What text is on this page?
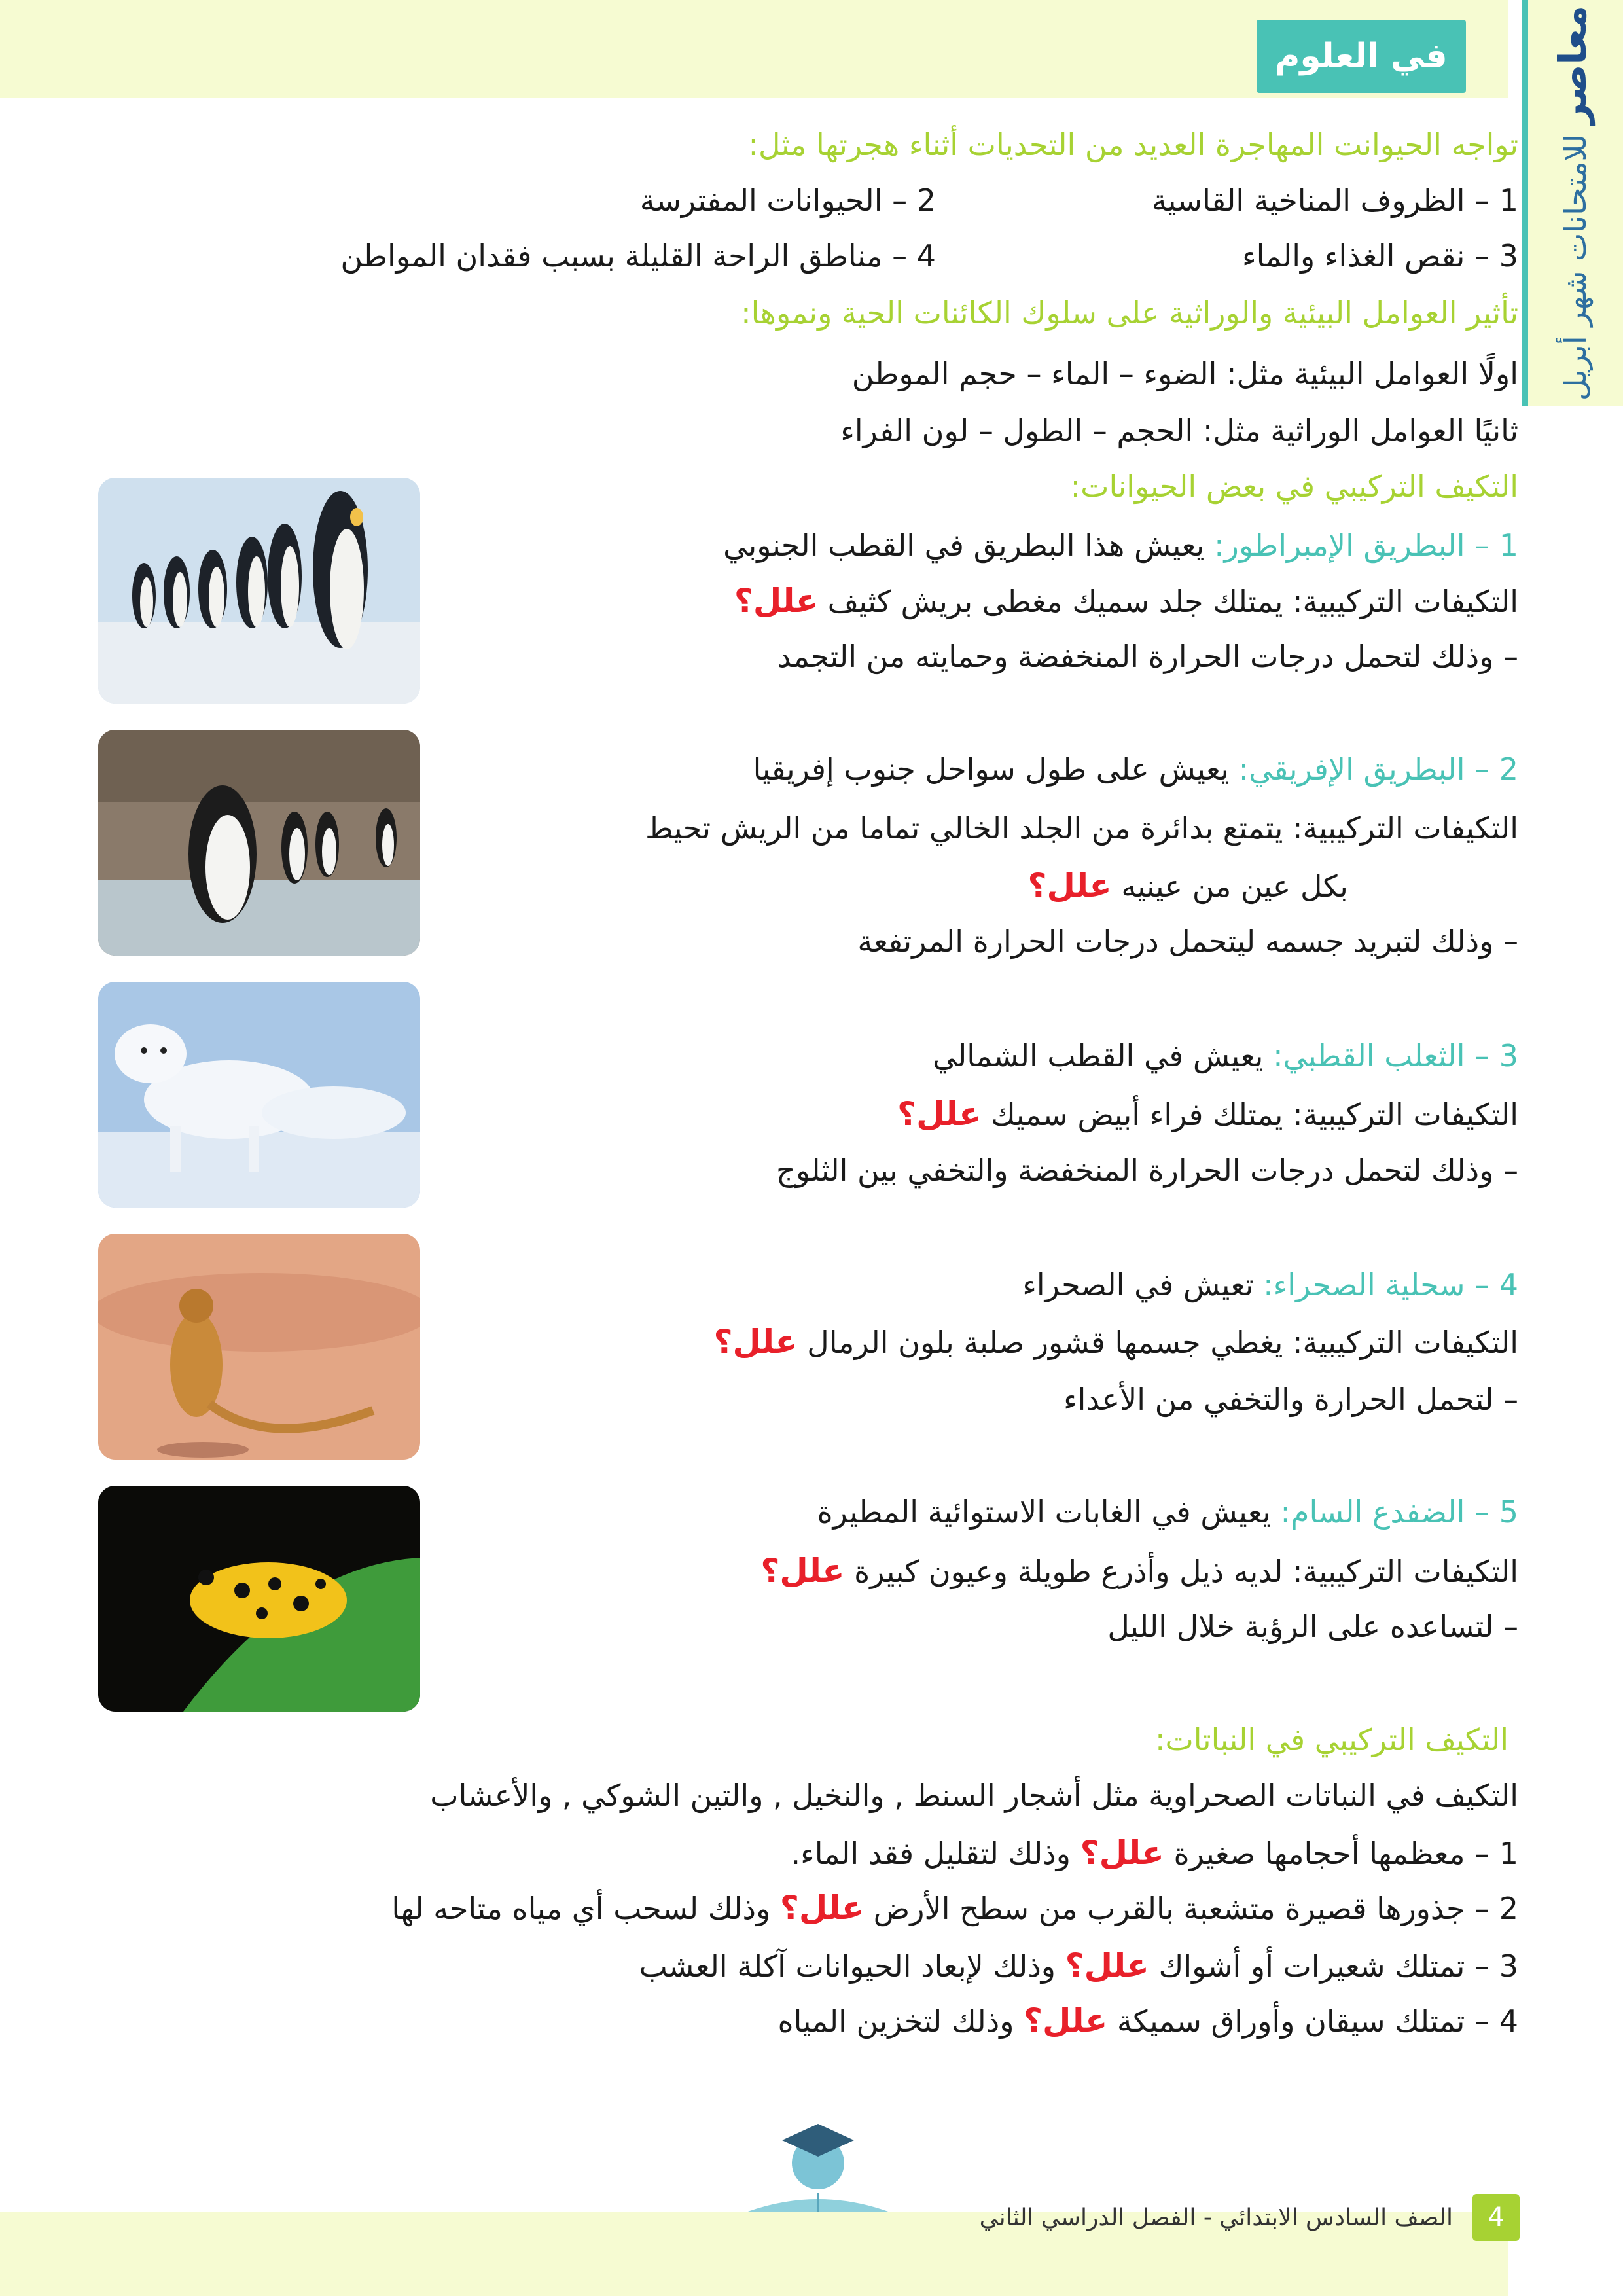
في العلوم	معاصر للامتحانات شهر أبريل
تواجه الحيوانت المهاجرة العديد من التحديات أثناء هجرتها مثل:
1 – الظروف المناخية القاسية
2 – الحيوانات المفترسة
3 – نقص الغذاء والماء
4 – مناطق الراحة القليلة بسبب فقدان المواطن
تأثير العوامل البيئية والوراثية على سلوك الكائنات الحية ونموها:
اولًا العوامل البيئية مثل: الضوء – الماء – حجم الموطن
ثانيًا العوامل الوراثية مثل: الحجم – الطول – لون الفراء
التكيف التركيبي في بعض الحيوانات:
1 – البطريق الإمبراطور: يعيش هذا البطريق في القطب الجنوبي
التكيفات التركيبية: يمتلك جلد سميك مغطى بريش كثيف علل؟
– وذلك لتحمل درجات الحرارة المنخفضة وحمايته من التجمد
2 – البطريق الإفريقي: يعيش على طول سواحل جنوب إفريقيا
التكيفات التركيبية: يتمتع بدائرة من الجلد الخالي تماما من الريش تحيط
بكل عين من عينيه علل؟
– وذلك لتبريد جسمه ليتحمل درجات الحرارة المرتفعة
3 – الثعلب القطبي: يعيش في القطب الشمالي
التكيفات التركيبية: يمتلك فراء أبيض سميك علل؟
– وذلك لتحمل درجات الحرارة المنخفضة والتخفي بين الثلوج
4 – سحلية الصحراء: تعيش في الصحراء
التكيفات التركيبية: يغطي جسمها قشور صلبة بلون الرمال علل؟
– لتحمل الحرارة والتخفي من الأعداء
5 – الضفدع السام: يعيش في الغابات الاستوائية المطيرة
التكيفات التركيبية: لديه ذيل وأذرع طويلة وعيون كبيرة علل؟
– لتساعده على الرؤية خلال الليل
التكيف التركيبي في النباتات:
التكيف في النباتات الصحراوية مثل أشجار السنط , والنخيل , والتين الشوكي , والأعشاب
1 – معظمها أحجامها صغيرة علل؟ وذلك لتقليل فقد الماء.
2 – جذورها قصيرة متشعبة بالقرب من سطح الأرض علل؟ وذلك لسحب أي مياه متاحه لها
3 – تمتلك شعيرات أو أشواك علل؟ وذلك لإبعاد الحيوانات آكلة العشب
4 – تمتلك سيقان وأوراق سميكة علل؟ وذلك لتخزين المياه
4
الصف السادس الابتدائي - الفصل الدراسي الثاني
